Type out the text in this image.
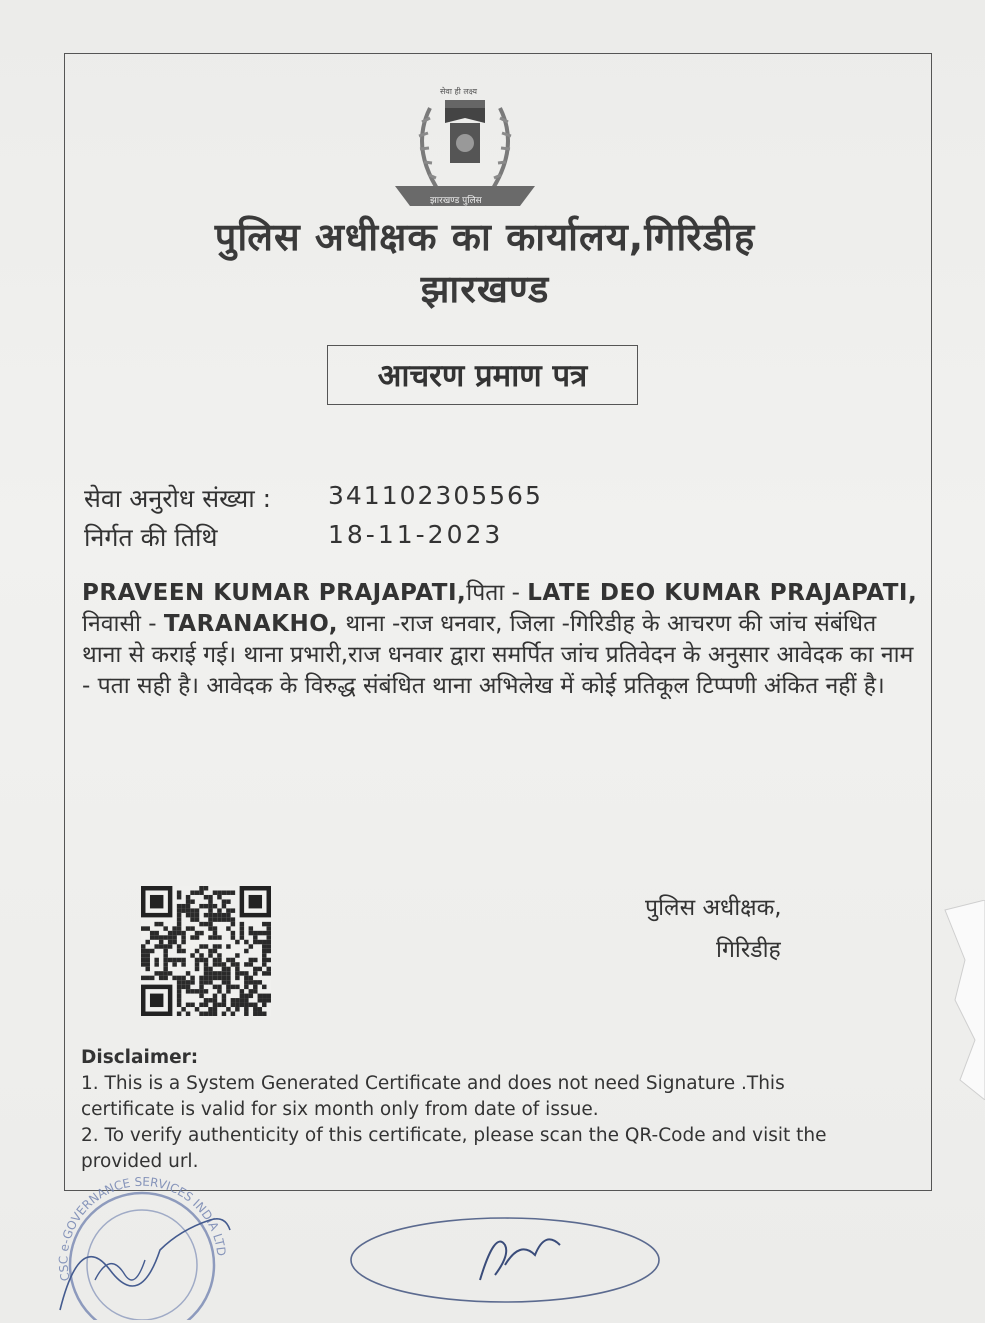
सेवा ही लक्ष्य
झारखण्ड पुलिस
पुलिस अधीक्षक का कार्यालय,गिरिडीह
झारखण्ड
आचरण प्रमाण पत्र
सेवा अनुरोध संख्या : 341102305565
निर्गत की तिथि	18-11-2023
PRAVEEN KUMAR PRAJAPATI,पिता - LATE DEO KUMAR PRAJAPATI, निवासी - TARANAKHO, थाना -राज धनवार, जिला -गिरिडीह के आचरण की जांच संबंधित थाना से कराई गई। थाना प्रभारी,राज धनवार द्वारा समर्पित जांच प्रतिवेदन के अनुसार आवेदक का नाम - पता सही है। आवेदक के विरुद्ध संबंधित थाना अभिलेख में कोई प्रतिकूल टिप्पणी अंकित नहीं है।
पुलिस अधीक्षक,
गिरिडीह
Disclaimer:
1. This is a System Generated Certificate and does not need Signature .This certificate is valid for six month only from date of issue.
2. To verify authenticity of this certificate, please scan the QR-Code and visit the provided url.
CSC e-GOVERNANCE SERVICES INDIA LTD
